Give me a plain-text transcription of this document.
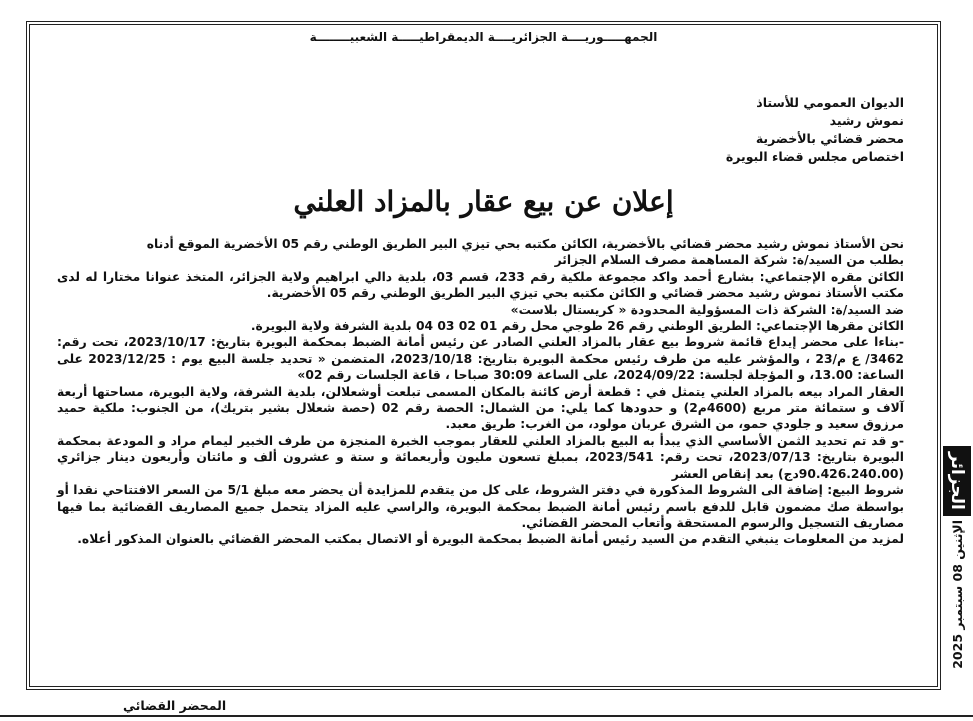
الجمهـــــوريــــة الجزائريــــة الديمقراطيـــــة الشعبيــــــــة
الديوان العمومي للأستاذ
نموش رشيد
محضر قضائي بالأخضرية
اختصاص مجلس قضاء البويرة
إعلان عن بيع عقار بالمزاد العلني

نحن الأستاذ نموش رشيد محضر قضائي بالأخضرية، الكائن مكتبه بحي تيزي البير الطريق الوطني رقم 05 الأخضرية الموقع أدناه

بطلب من السيد/ة: شركة المساهمة مصرف السلام الجزائر

الكائن مقره الإجتماعي: بشارع أحمد واكد مجموعة ملكية رقم 233، قسم 03، بلدية دالي ابراهيم ولاية الجزائر، المتخذ عنوانا مختارا له لدى مكتب الأستاذ نموش رشيد محضر قضائي و الكائن مكتبه بحي تيزي البير الطريق الوطني رقم 05 الأخضرية.

ضد السيد/ة: الشركة ذات المسؤولية المحدودة « كريستال بلاست»

الكائن مقرها الإجتماعي: الطريق الوطني رقم 26 طوجي محل رقم 01 02 03 04 بلدية الشرفة ولاية البويرة.

-بناءا على محضر إيداع قائمة شروط بيع عقار بالمزاد العلني الصادر عن رئيس أمانة الضبط بمحكمة البويرة بتاريخ: 2023/10/17، تحت رقم: 3462/ ع م/23 ، والمؤشر عليه من طرف رئيس محكمة البويرة بتاريخ: 2023/10/18، المتضمن « تحديد جلسة البيع يوم : 2023/12/25 على الساعة: 13.00، و المؤجلة لجلسة: 2024/09/22، على الساعة 30:09 صباحا ، قاعة الجلسات رقم 02»

العقار المراد بيعه بالمزاد العلني يتمثل في : قطعة أرض كائنة بالمكان المسمى تبلعت أوشعلالن، بلدية الشرفة، ولاية البويرة، مساحتها أربعة آلاف و ستمائة متر مربع (4600م2) و حدودها كما يلي: من الشمال: الحصة رقم 02 (حصة شعلال بشير بتريك)، من الجنوب: ملكية حميد مرزوق سعيد و جلودي حمو، من الشرق عربان مولود، من الغرب: طريق معبد.

-و قد تم تحديد الثمن الأساسي الذي يبدأ به البيع بالمزاد العلني للعقار بموجب الخبرة المنجزة من طرف الخبير ليمام مراد و المودعة بمحكمة البويرة بتاريخ: 2023/07/13، تحت رقم: 2023/541، بمبلغ تسعون مليون وأربعمائة و ستة و عشرون ألف و مائتان وأربعون دينار جزائري (90.426.240.00دج) بعد إنقاص العشر

شروط البيع: إضافة الى الشروط المذكورة في دفتر الشروط، على كل من يتقدم للمزايدة أن يحضر معه مبلغ 5/1 من السعر الافتتاحي نقدا أو بواسطة صك مضمون قابل للدفع باسم رئيس أمانة الضبط بمحكمة البويرة، والراسي عليه المزاد يتحمل جميع المصاريف القضائية بما فيها مصاريف التسجيل والرسوم المستحقة وأتعاب المحضر القضائي.

لمزيد من المعلومات ينبغي التقدم من السيد رئيس أمانة الضبط بمحكمة البويرة أو الاتصال بمكتب المحضر القضائي بالعنوان المذكور أعلاه.

المحضر القضائي
الجزائر
الإثنين 08 سبتمبر 2025
